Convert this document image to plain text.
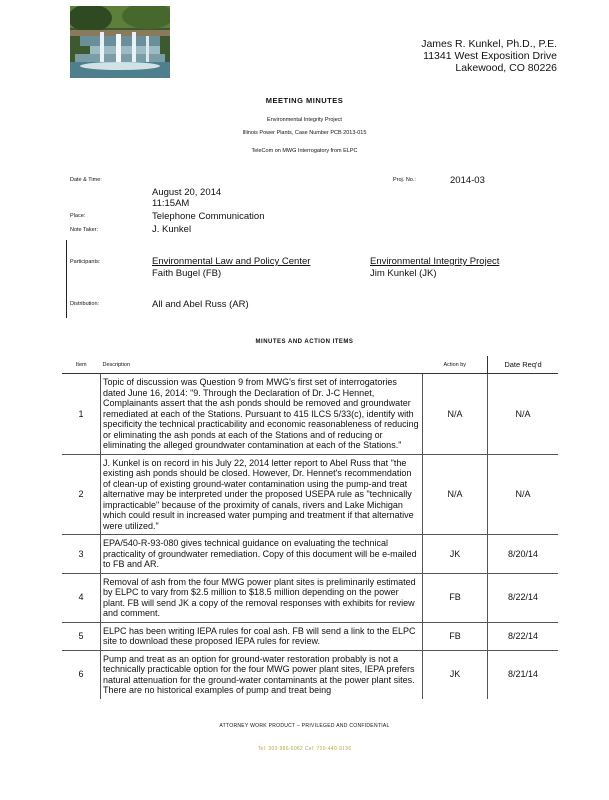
James R. Kunkel, Ph.D., P.E.
11341 West Exposition Drive
Lakewood, CO 80226
MEETING MINUTES
Environmental Integrity Project
Illinois Power Plants, Case Number PCB 2013-015
TeleCom on MWG Interrogatory from ELPC
Date & Time:	Proj. No.:	2014-03
August 20, 2014
11:15AM
Place:	Telephone Communication
Note Taker:	J. Kunkel
Participants:	Environmental Law and Policy Center
Faith Bugel (FB)
Environmental Integrity Project
Jim Kunkel (JK)
Distribution:	All and Abel Russ (AR)
MINUTES AND ACTION ITEMS
Item	Description	Action by	Date Req'd
1	Topic of discussion was Question 9 from MWG's first set of interrogatories dated June 16, 2014: "9. Through the Declaration of Dr. J-C Hennet, Complainants assert that the ash ponds should be removed and groundwater remediated at each of the Stations. Pursuant to 415 ILCS 5/33(c), identify with specificity the technical practicability and economic reasonableness of reducing or eliminating the ash ponds at each of the Stations and of reducing or eliminating the alleged groundwater contamination at each of the Stations."	N/A	N/A
2	J. Kunkel is on record in his July 22, 2014 letter report to Abel Russ that "the existing ash ponds should be closed. However, Dr. Hennet's recommendation of clean-up of existing ground-water contamination using the pump-and treat alternative may be interpreted under the proposed USEPA rule as "technically impracticable" because of the proximity of canals, rivers and Lake Michigan which could result in increased water pumping and treatment if that alternative were utilized."	N/A	N/A
3	EPA/540-R-93-080 gives technical guidance on evaluating the technical practicality of groundwater remediation. Copy of this document will be e-mailed to FB and AR.	JK	8/20/14
4	Removal of ash from the four MWG power plant sites is preliminarily estimated by ELPC to vary from $2.5 million to $18.5 million depending on the power plant. FB will send JK a copy of the removal responses with exhibits for review and comment.	FB	8/22/14
5	ELPC has been writing IEPA rules for coal ash. FB will send a link to the ELPC site to download these proposed IEPA rules for review.	FB	8/22/14
6	Pump and treat as an option for ground-water restoration probably is not a technically practicable option for the four MWG power plant sites, IEPA prefers natural attenuation for the ground-water contaminants at the power plant sites. There are no historical examples of pump and treat being	JK	8/21/14
ATTORNEY WORK PRODUCT – PRIVILEGED AND CONFIDENTIAL
Tel: 303-986-6062 Cel: 720-440-9136
